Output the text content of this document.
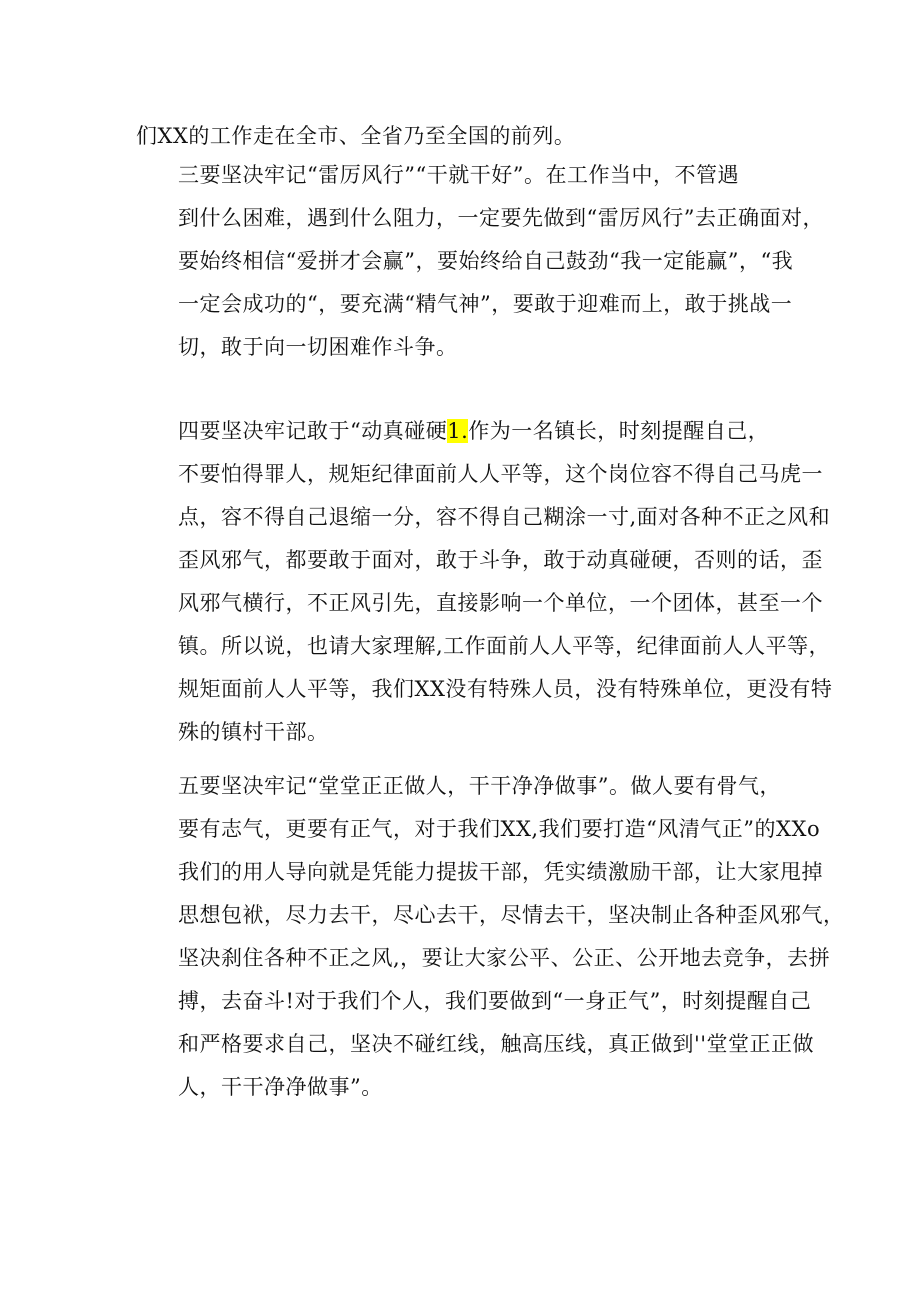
们XX的工作走在全市、全省乃至全国的前列。

三要坚决牢记“雷厉风行”“干就干好”。在工作当中，不管遇
到什么困难，遇到什么阻力，一定要先做到“雷厉风行”去正确面对，
要始终相信“爱拼才会赢”，要始终给自己鼓劲“我一定能赢”，“我
一定会成功的“，要充满“精气神”，要敢于迎难而上，敢于挑战一
切，敢于向一切困难作斗争。

四要坚决牢记敢于“动真碰硬1.作为一名镇长，时刻提醒自己，
不要怕得罪人，规矩纪律面前人人平等，这个岗位容不得自己马虎一
点，容不得自己退缩一分，容不得自己糊涂一寸,面对各种不正之风和
歪风邪气，都要敢于面对，敢于斗争，敢于动真碰硬，否则的话，歪
风邪气横行，不正风引先，直接影响一个单位，一个团体，甚至一个
镇。所以说，也请大家理解,工作面前人人平等，纪律面前人人平等，
规矩面前人人平等，我们XX没有特殊人员，没有特殊单位，更没有特
殊的镇村干部。

五要坚决牢记“堂堂正正做人，干干净净做事”。做人要有骨气，
要有志气，更要有正气，对于我们XX,我们要打造“风清气正”的XXo
我们的用人导向就是凭能力提拔干部，凭实绩激励干部，让大家甩掉
思想包袱，尽力去干，尽心去干，尽情去干，坚决制止各种歪风邪气，
坚决刹住各种不正之风,，要让大家公平、公正、公开地去竞争，去拼
搏，去奋斗!对于我们个人，我们要做到“一身正气”，时刻提醒自己
和严格要求自己，坚决不碰红线，触高压线，真正做到''堂堂正正做
人，干干净净做事”。
